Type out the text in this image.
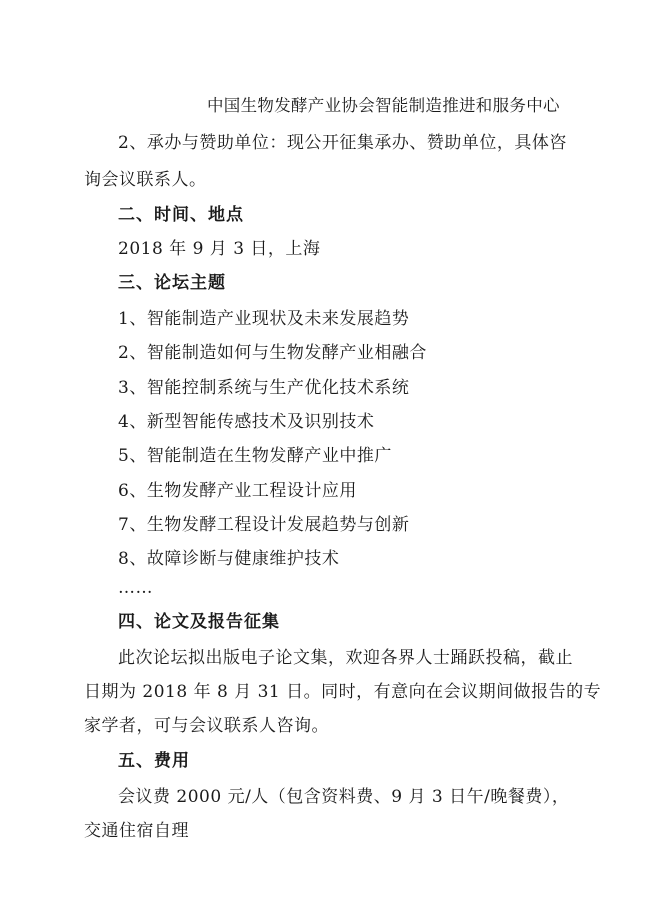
中国生物发酵产业协会智能制造推进和服务中心
2、承办与赞助单位：现公开征集承办、赞助单位，具体咨
询会议联系人。
二、时间、地点
2018 年 9 月 3 日，上海
三、论坛主题
1、智能制造产业现状及未来发展趋势
2、智能制造如何与生物发酵产业相融合
3、智能控制系统与生产优化技术系统
4、新型智能传感技术及识别技术
5、智能制造在生物发酵产业中推广
6、生物发酵产业工程设计应用
7、生物发酵工程设计发展趋势与创新
8、故障诊断与健康维护技术
……
四、论文及报告征集
此次论坛拟出版电子论文集，欢迎各界人士踊跃投稿，截止
日期为 2018 年 8 月 31 日。同时，有意向在会议期间做报告的专
家学者，可与会议联系人咨询。
五、费用
会议费 2000 元/人（包含资料费、9 月 3 日午/晚餐费），
交通住宿自理
